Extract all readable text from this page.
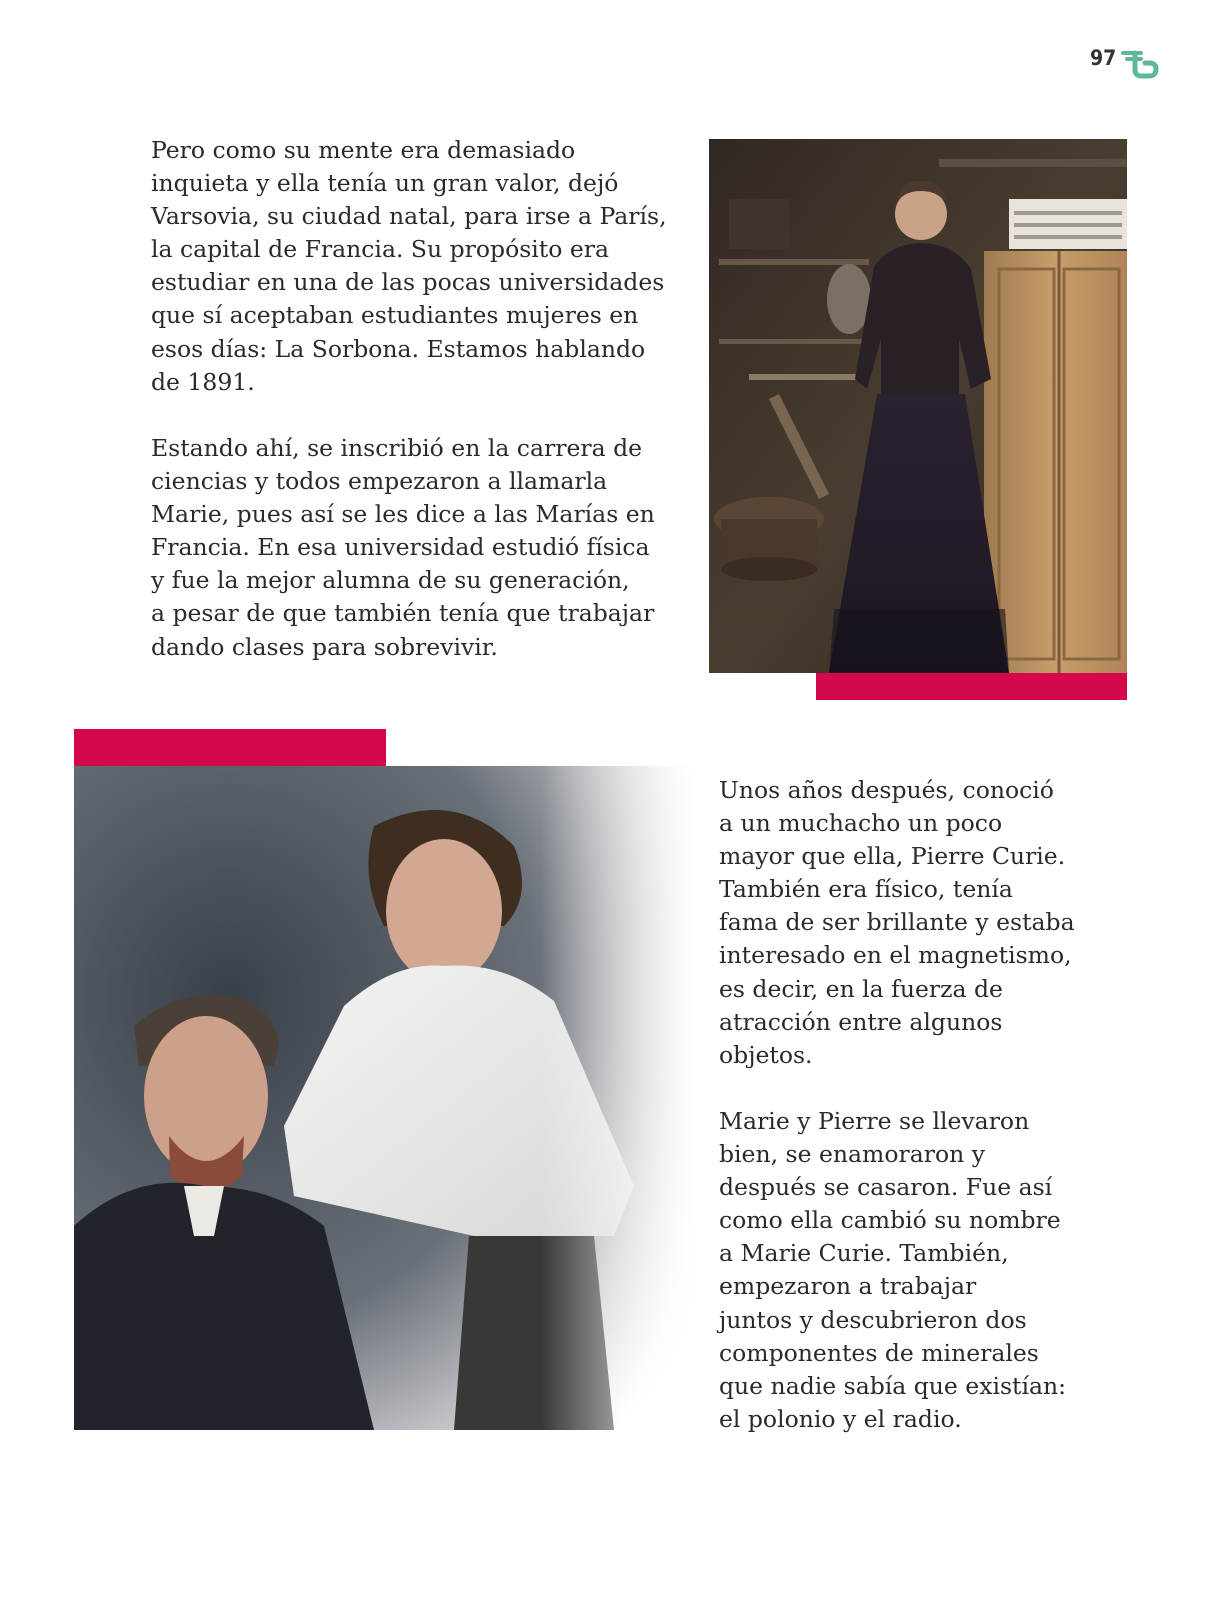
97

Pero como su mente era demasiado
inquieta y ella tenía un gran valor, dejó
Varsovia, su ciudad natal, para irse a París,
la capital de Francia. Su propósito era
estudiar en una de las pocas universidades
que sí aceptaban estudiantes mujeres en
esos días: La Sorbona. Estamos hablando
de 1891.

Estando ahí, se inscribió en la carrera de
ciencias y todos empezaron a llamarla
Marie, pues así se les dice a las Marías en
Francia. En esa universidad estudió física
y fue la mejor alumna de su generación,
a pesar de que también tenía que trabajar
dando clases para sobrevivir.

Unos años después, conoció
a un muchacho un poco
mayor que ella, Pierre Curie.
También era físico, tenía
fama de ser brillante y estaba
interesado en el magnetismo,
es decir, en la fuerza de
atracción entre algunos
objetos.

Marie y Pierre se llevaron
bien, se enamoraron y
después se casaron. Fue así
como ella cambió su nombre
a Marie Curie. También,
empezaron a trabajar
juntos y descubrieron dos
componentes de minerales
que nadie sabía que existían:
el polonio y el radio.
